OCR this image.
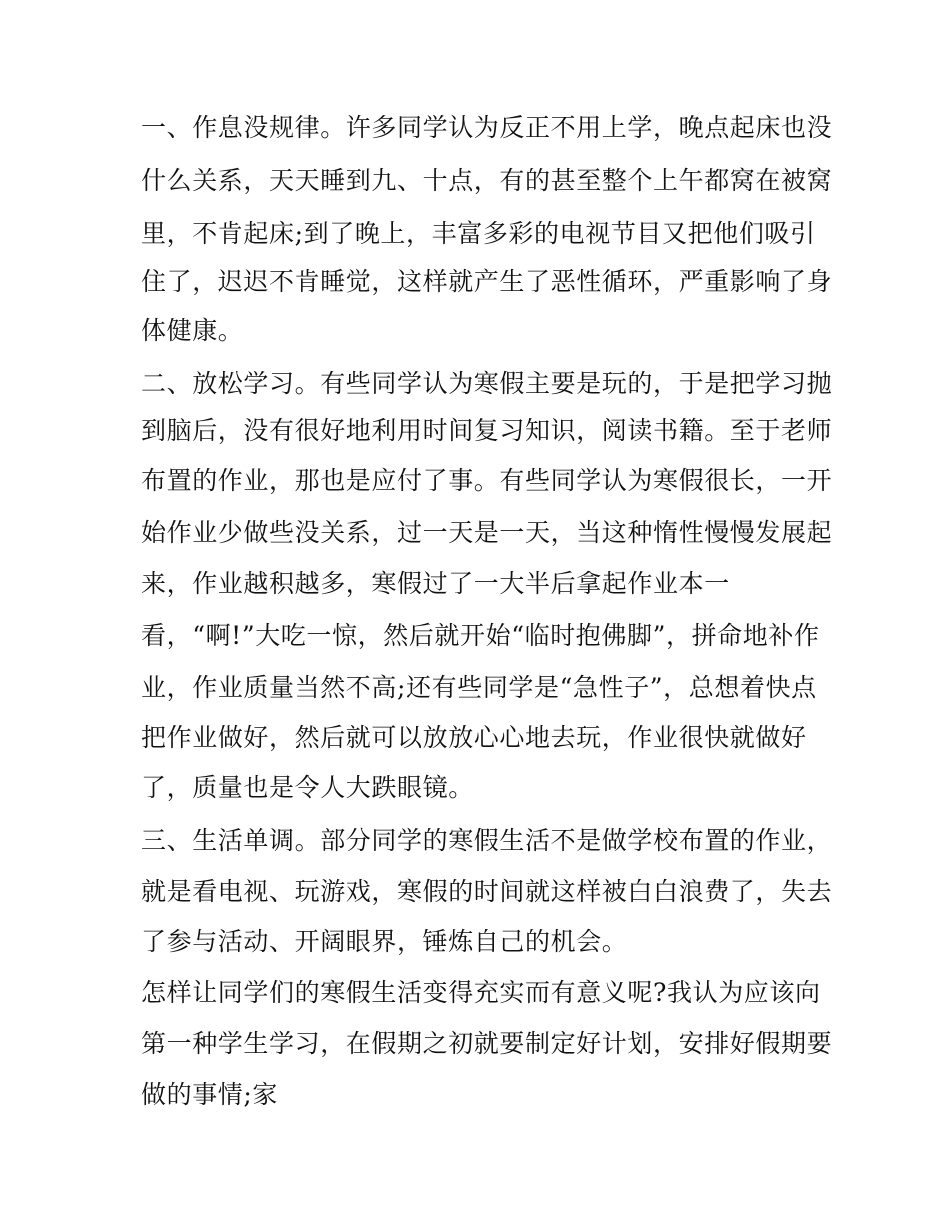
一、作息没规律。许多同学认为反正不用上学，晚点起床也没
什么关系，天天睡到九、十点，有的甚至整个上午都窝在被窝
里，不肯起床;到了晚上，丰富多彩的电视节目又把他们吸引
住了，迟迟不肯睡觉，这样就产生了恶性循环，严重影响了身
体健康。
二、放松学习。有些同学认为寒假主要是玩的，于是把学习抛
到脑后，没有很好地利用时间复习知识，阅读书籍。至于老师
布置的作业，那也是应付了事。有些同学认为寒假很长，一开
始作业少做些没关系，过一天是一天，当这种惰性慢慢发展起
来，作业越积越多，寒假过了一大半后拿起作业本一
看，“啊!”大吃一惊，然后就开始“临时抱佛脚”，拼命地补作
业，作业质量当然不高;还有些同学是“急性子”，总想着快点
把作业做好，然后就可以放放心心地去玩，作业很快就做好
了，质量也是令人大跌眼镜。
三、生活单调。部分同学的寒假生活不是做学校布置的作业，
就是看电视、玩游戏，寒假的时间就这样被白白浪费了，失去
了参与活动、开阔眼界，锤炼自己的机会。
怎样让同学们的寒假生活变得充实而有意义呢?我认为应该向
第一种学生学习，在假期之初就要制定好计划，安排好假期要
做的事情;家
